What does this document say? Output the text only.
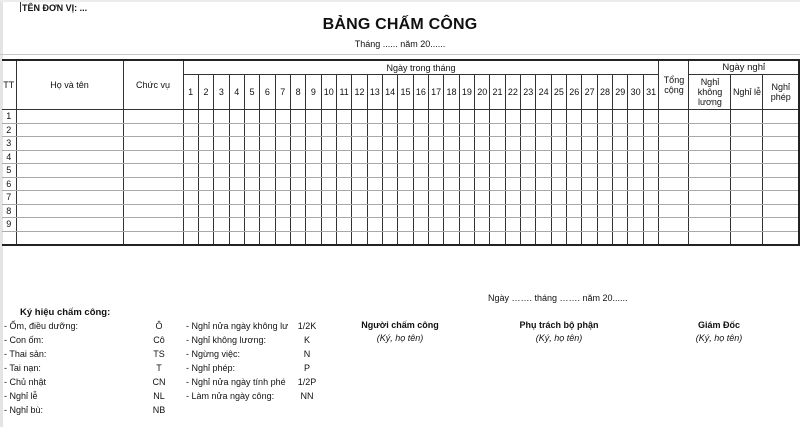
TÊN ĐƠN VỊ: ...
BẢNG CHẤM CÔNG
Tháng ...... năm 20......
TT	Họ và tên	Chức vụ	Ngày trong tháng																															Tổng cộng	Ngày nghỉ		
			1	2	3	4	5	6	7	8	9	10	11	12	13	14	15	16	17	18	19	20	21	22	23	24	25	26	27	28	29	30	31		Nghỉ không lương	Nghỉ lễ	Nghỉ phép
1																																					
2																																					
3																																					
4																																					
5																																					
6																																					
7																																					
8																																					
9																																					

Ký hiệu chấm công:
- Ốm, điều dưỡng:	Ô
- Con ốm:	Cô
- Thai sản:	TS
- Tai nạn:	T
- Chủ nhật	CN
- Nghỉ lễ	NL
- Nghỉ bù:	NB
- Nghỉ nửa ngày không lư	1/2K
- Nghỉ không lương:	K
- Ngừng việc:	N
- Nghỉ phép:	P
- Nghỉ nửa ngày tính phé	1/2P
- Làm nửa ngày công:	NN
Ngày ……. tháng ……. năm 20......
Người chấm công
(Ký, họ tên)
Phụ trách bộ phận
(Ký, họ tên)
Giám Đốc
(Ký, họ tên)
